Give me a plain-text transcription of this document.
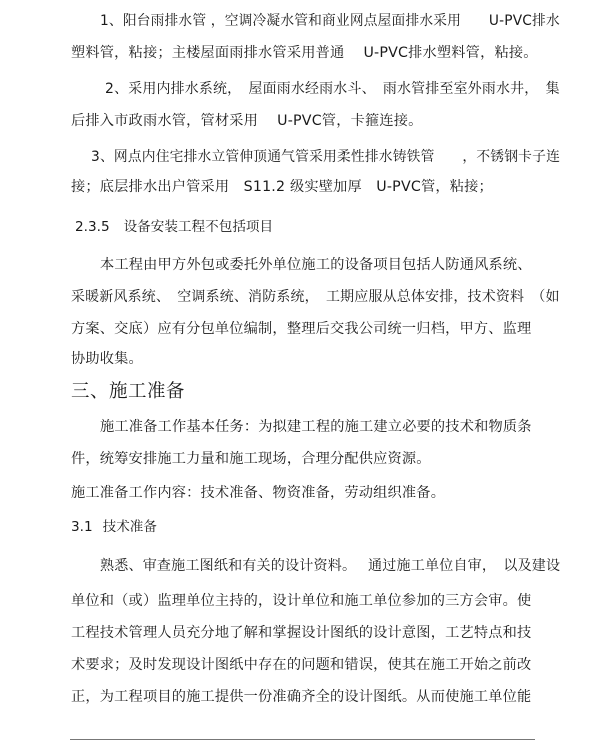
1、阳台雨排水管 ，空调冷凝水管和商业网点屋面排水采用　　U-PVC排水
塑料管，粘接；主楼屋面雨排水管采用普通　 U-PVC排水塑料管，粘接。
2、采用内排水系统，　屋面雨水经雨水斗、　雨水管排至室外雨水井，　集
后排入市政雨水管，管材采用　 U-PVC管，卡箍连接。
3、网点内住宅排水立管伸顶通气管采用柔性排水铸铁管　　，不锈钢卡子连
接；底层排水出户管采用　S11.2 级实壁加厚　U-PVC管，粘接；
2.3.5 设备安装工程不包括项目
本工程由甲方外包或委托外单位施工的设备项目包括人防通风系统、
采暖新风系统、　空调系统、消防系统，　工期应服从总体安排，技术资料　（如
方案、交底）应有分包单位编制，整理后交我公司统一归档，甲方、监理
协助收集。
三、施工准备
施工准备工作基本任务：为拟建工程的施工建立必要的技术和物质条
件，统筹安排施工力量和施工现场，合理分配供应资源。
施工准备工作内容：技术准备、物资准备，劳动组织准备。
3.1 技术准备
熟悉、审查施工图纸和有关的设计资料。　 通过施工单位自审，　以及建设
单位和（或）监理单位主持的，设计单位和施工单位参加的三方会审。使
工程技术管理人员充分地了解和掌握设计图纸的设计意图，工艺特点和技
术要求；及时发现设计图纸中存在的问题和错误，使其在施工开始之前改
正，为工程项目的施工提供一份准确齐全的设计图纸。从而使施工单位能
